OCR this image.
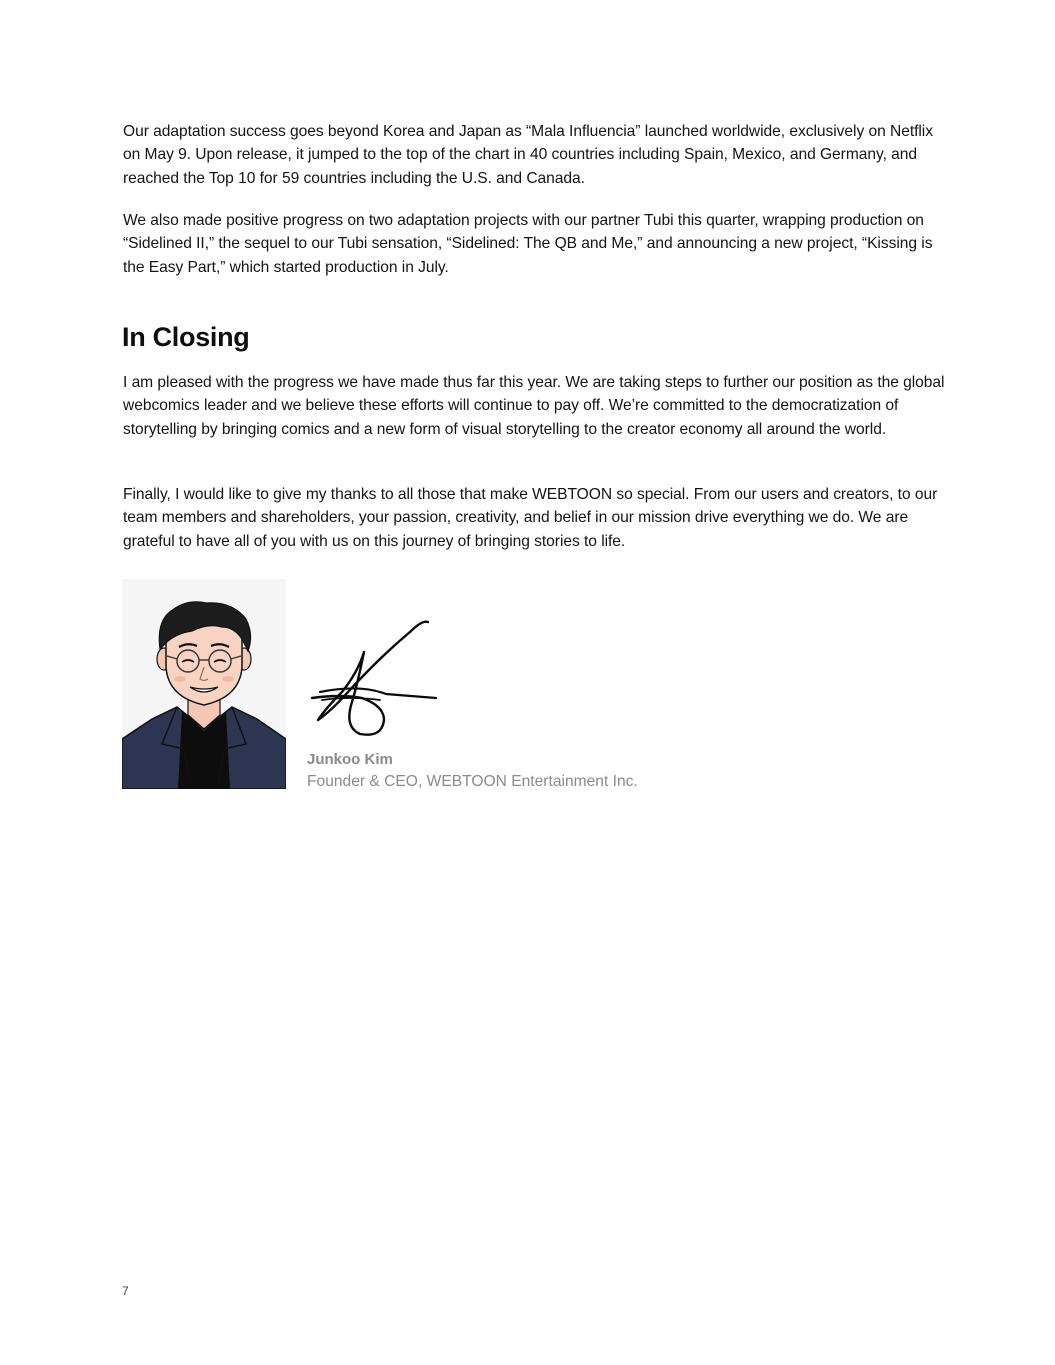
Our adaptation success goes beyond Korea and Japan as “Mala Influencia” launched worldwide, exclusively on Netflix on May 9. Upon release, it jumped to the top of the chart in 40 countries including Spain, Mexico, and Germany, and reached the Top 10 for 59 countries including the U.S. and Canada.

We also made positive progress on two adaptation projects with our partner Tubi this quarter, wrapping production on “Sidelined II,” the sequel to our Tubi sensation, “Sidelined: The QB and Me,” and announcing a new project, “Kissing is the Easy Part,” which started production in July.

In Closing

I am pleased with the progress we have made thus far this year. We are taking steps to further our position as the global webcomics leader and we believe these efforts will continue to pay off. We’re committed to the democratization of storytelling by bringing comics and a new form of visual storytelling to the creator economy all around the world.

Finally, I would like to give my thanks to all those that make WEBTOON so special. From our users and creators, to our team members and shareholders, your passion, creativity, and belief in our mission drive everything we do. We are grateful to have all of you with us on this journey of bringing stories to life.

Junkoo Kim
Founder & CEO, WEBTOON Entertainment Inc.
7
